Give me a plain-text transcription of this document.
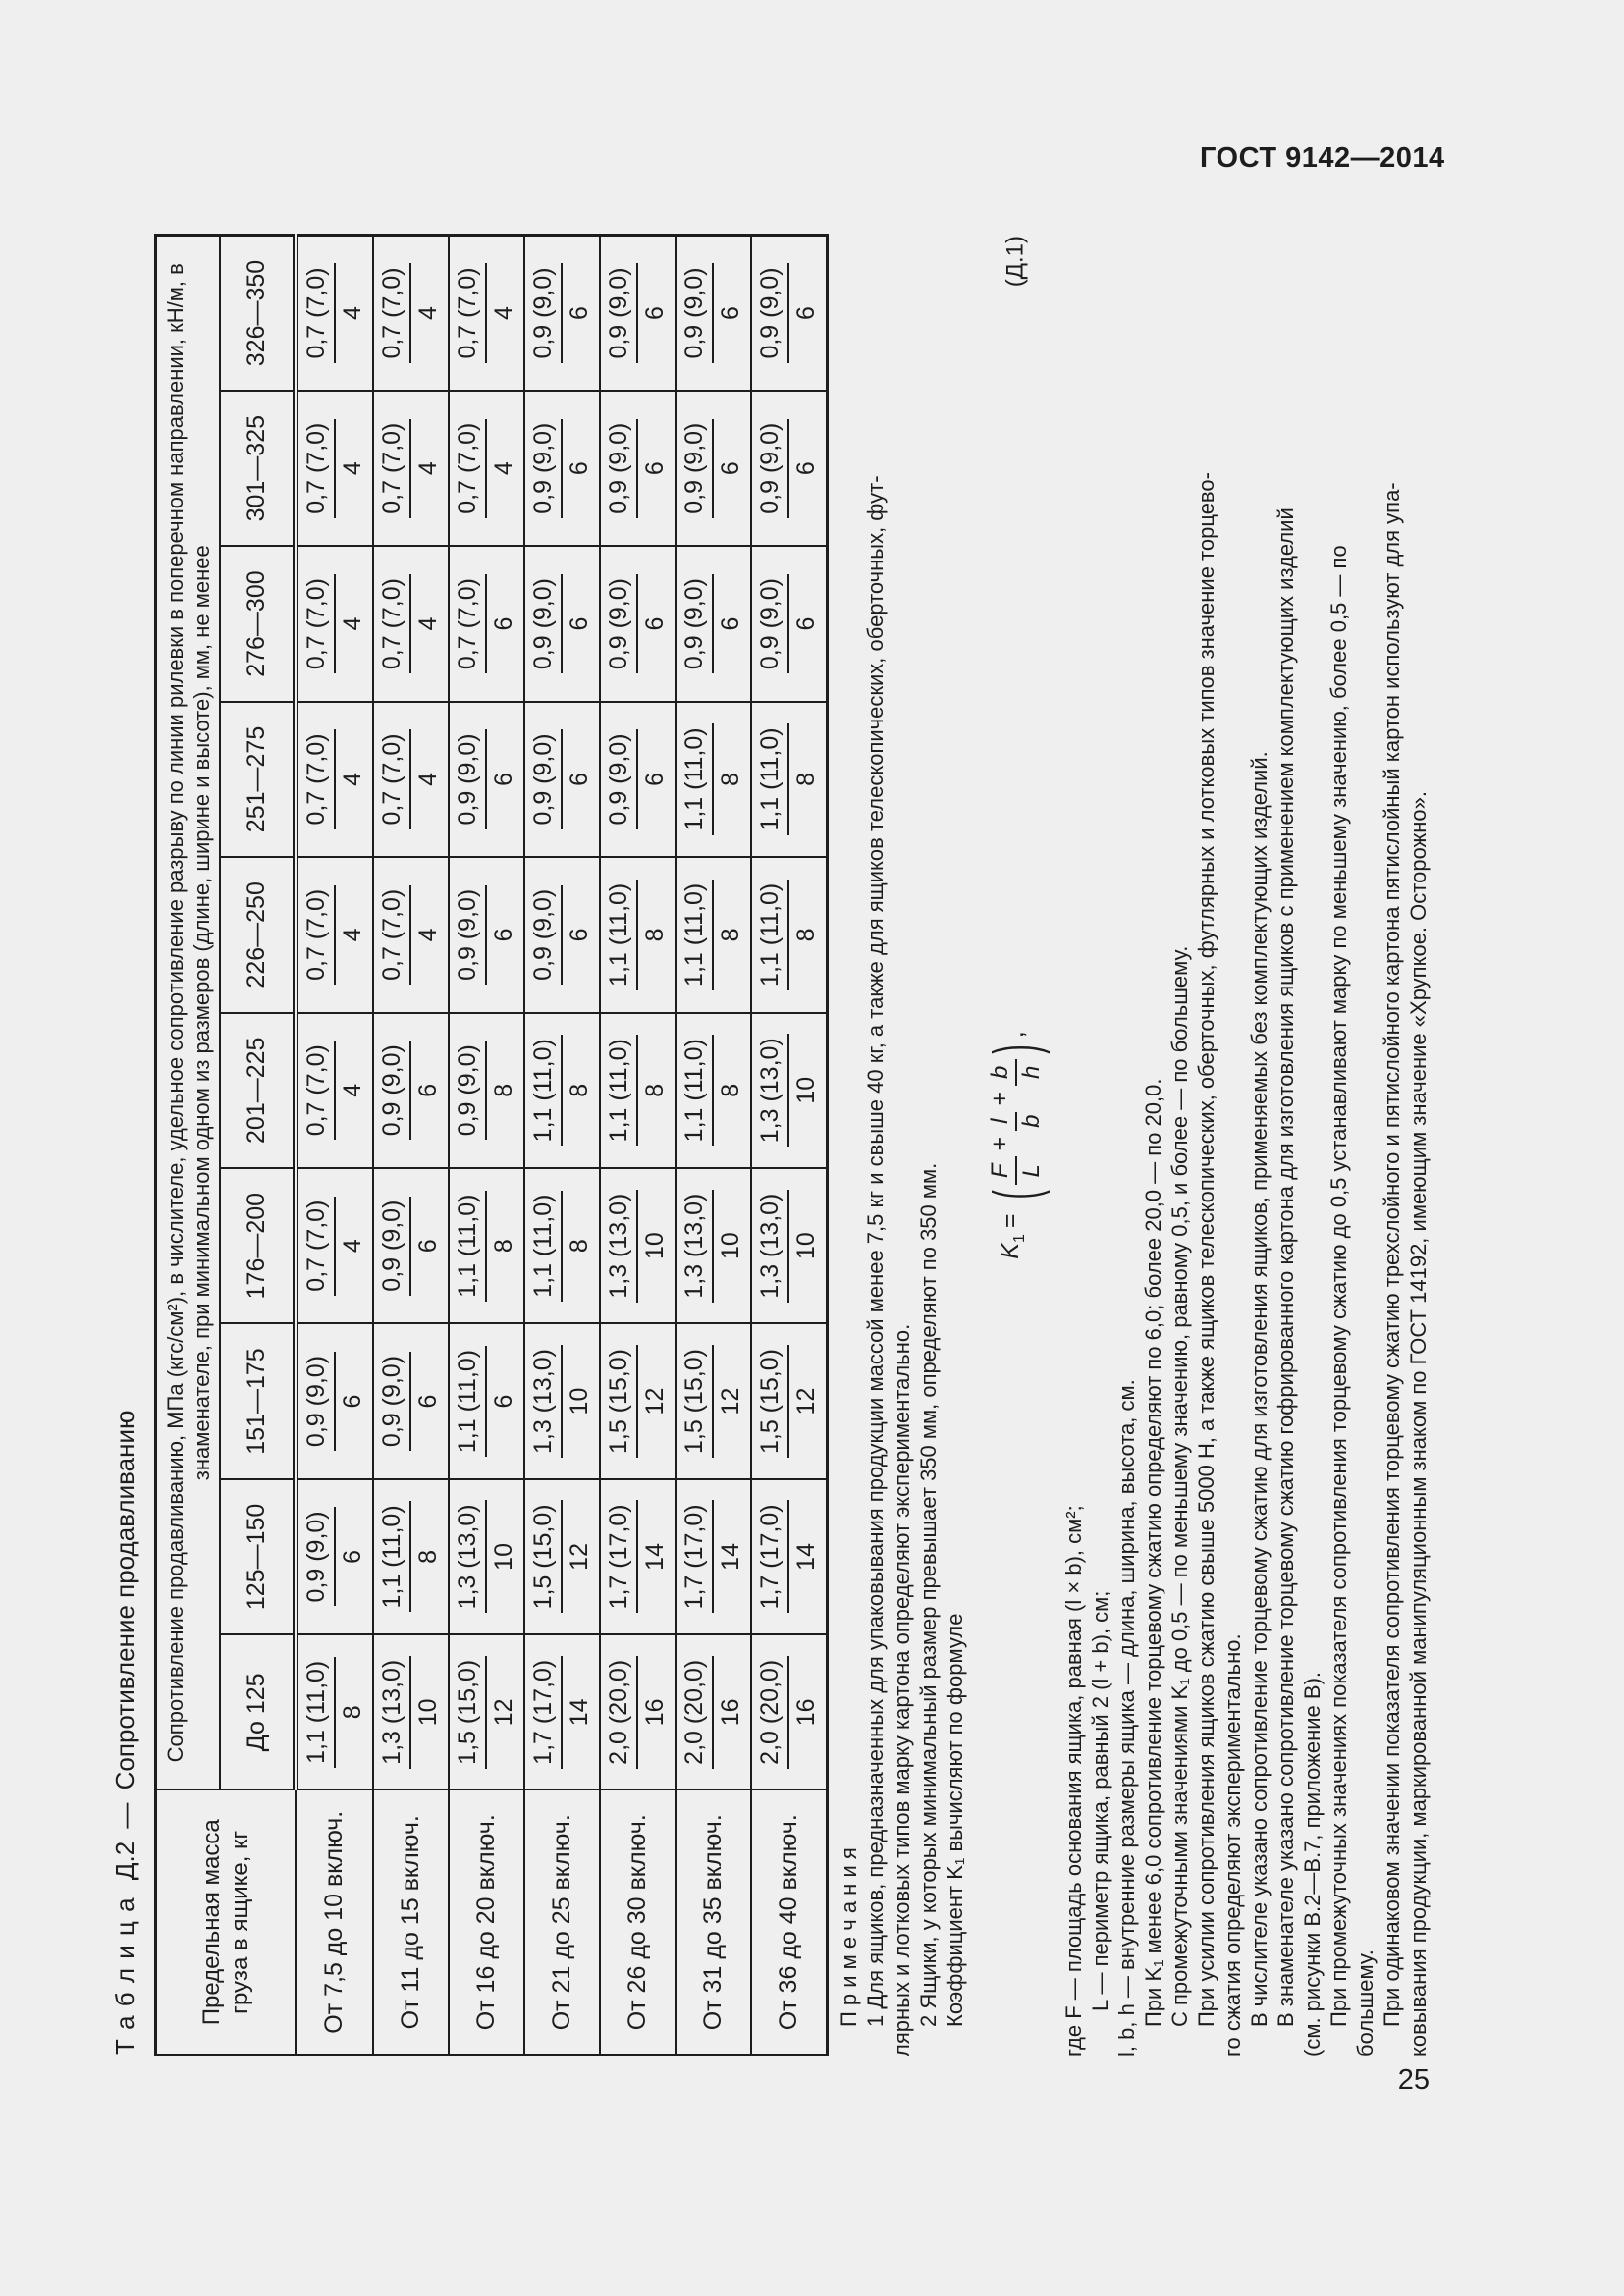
ГОСТ 9142—2014
Т а б л и ц а Д.2 — Сопротивление продавливанию
Предельная масса груза в ящике, кг	Сопротивление продавливанию, МПа (кгс/см²), в числителе, удельное сопротивление разрыву по линии рилевки в поперечном направлении, кН/м, в знаменателе, при минимальном одном из размеров (длине, ширине и высоте), мм, не менее									
	До 125	125—150	151—175	176—200	201—225	226—250	251—275	276—300	301—325	326—350
От 7,5 до 10 включ.	1,1 (11,0) 8	0,9 (9,0) 6	0,9 (9,0) 6	0,7 (7,0) 4	0,7 (7,0) 4	0,7 (7,0) 4	0,7 (7,0) 4	0,7 (7,0) 4	0,7 (7,0) 4	0,7 (7,0) 4

От 11 до 15 включ.	1,3 (13,0) 10	1,1 (11,0) 8	0,9 (9,0) 6	0,9 (9,0) 6	0,9 (9,0) 6	0,7 (7,0) 4	0,7 (7,0) 4	0,7 (7,0) 4	0,7 (7,0) 4	0,7 (7,0) 4

От 16 до 20 включ.	1,5 (15,0) 12	1,3 (13,0) 10	1,1 (11,0) 6	1,1 (11,0) 8	0,9 (9,0) 8	0,9 (9,0) 6	0,9 (9,0) 6	0,7 (7,0) 6	0,7 (7,0) 4	0,7 (7,0) 4

От 21 до 25 включ.	1,7 (17,0) 14	1,5 (15,0) 12	1,3 (13,0) 10	1,1 (11,0) 8	1,1 (11,0) 8	0,9 (9,0) 6	0,9 (9,0) 6	0,9 (9,0) 6	0,9 (9,0) 6	0,9 (9,0) 6

От 26 до 30 включ.	2,0 (20,0) 16	1,7 (17,0) 14	1,5 (15,0) 12	1,3 (13,0) 10	1,1 (11,0) 8	1,1 (11,0) 8	0,9 (9,0) 6	0,9 (9,0) 6	0,9 (9,0) 6	0,9 (9,0) 6

От 31 до 35 включ.	2,0 (20,0) 16	1,7 (17,0) 14	1,5 (15,0) 12	1,3 (13,0) 10	1,1 (11,0) 8	1,1 (11,0) 8	1,1 (11,0) 8	0,9 (9,0) 6	0,9 (9,0) 6	0,9 (9,0) 6

От 36 до 40 включ.	2,0 (20,0) 16	1,7 (17,0) 14	1,5 (15,0) 12	1,3 (13,0) 10	1,3 (13,0) 10	1,1 (11,0) 8	1,1 (11,0) 8	0,9 (9,0) 6	0,9 (9,0) 6	0,9 (9,0) 6
П р и м е ч а н и я 1 Для ящиков, предназначенных для упаковывания продукции массой менее 7,5 кг и свыше 40 кг, а также для ящиков телескопических, оберточных, фут- лярных и лотковых типов марку картона определяют экспериментально. 2 Ящики, у которых минимальный размер превышает 350 мм, определяют по 350 мм. Коэффициент K₁ вычисляют по формуле
$K_1=$
(
F L
+
l b
+
b h
)
,
(Д.1)
где F — площадь основания ящика, равная (l × b), см²; L — периметр ящика, равный 2 (l + b), см; l, b, h — внутренние размеры ящика — длина, ширина, высота, см. При K₁ менее 6,0 сопротивление торцевому сжатию определяют по 6,0; более 20,0 — по 20,0. С промежуточными значениями K₁ до 0,5 — по меньшему значению, равному 0,5, и более — по большему. При усилии сопротивления ящиков сжатию свыше 5000 Н, а также ящиков телескопических, оберточных, футлярных и лотковых типов значение торцево- го сжатия определяют экспериментально. В числителе указано сопротивление торцевому сжатию для изготовления ящиков, применяемых без комплектующих изделий. В знаменателе указано сопротивление торцевому сжатию гофрированного картона для изготовления ящиков с применением комплектующих изделий (см. рисунки В.2—В.7, приложение В). При промежуточных значениях показателя сопротивления торцевому сжатию до 0,5 устанавливают марку по меньшему значению, более 0,5 — по большему. При одинаковом значении показателя сопротивления торцевому сжатию трехслойного и пятислойного картона пятислойный картон используют для упа- ковывания продукции, маркированной манипуляционным знаком по ГОСТ 14192, имеющим значение «Хрупкое. Осторожно».
25
